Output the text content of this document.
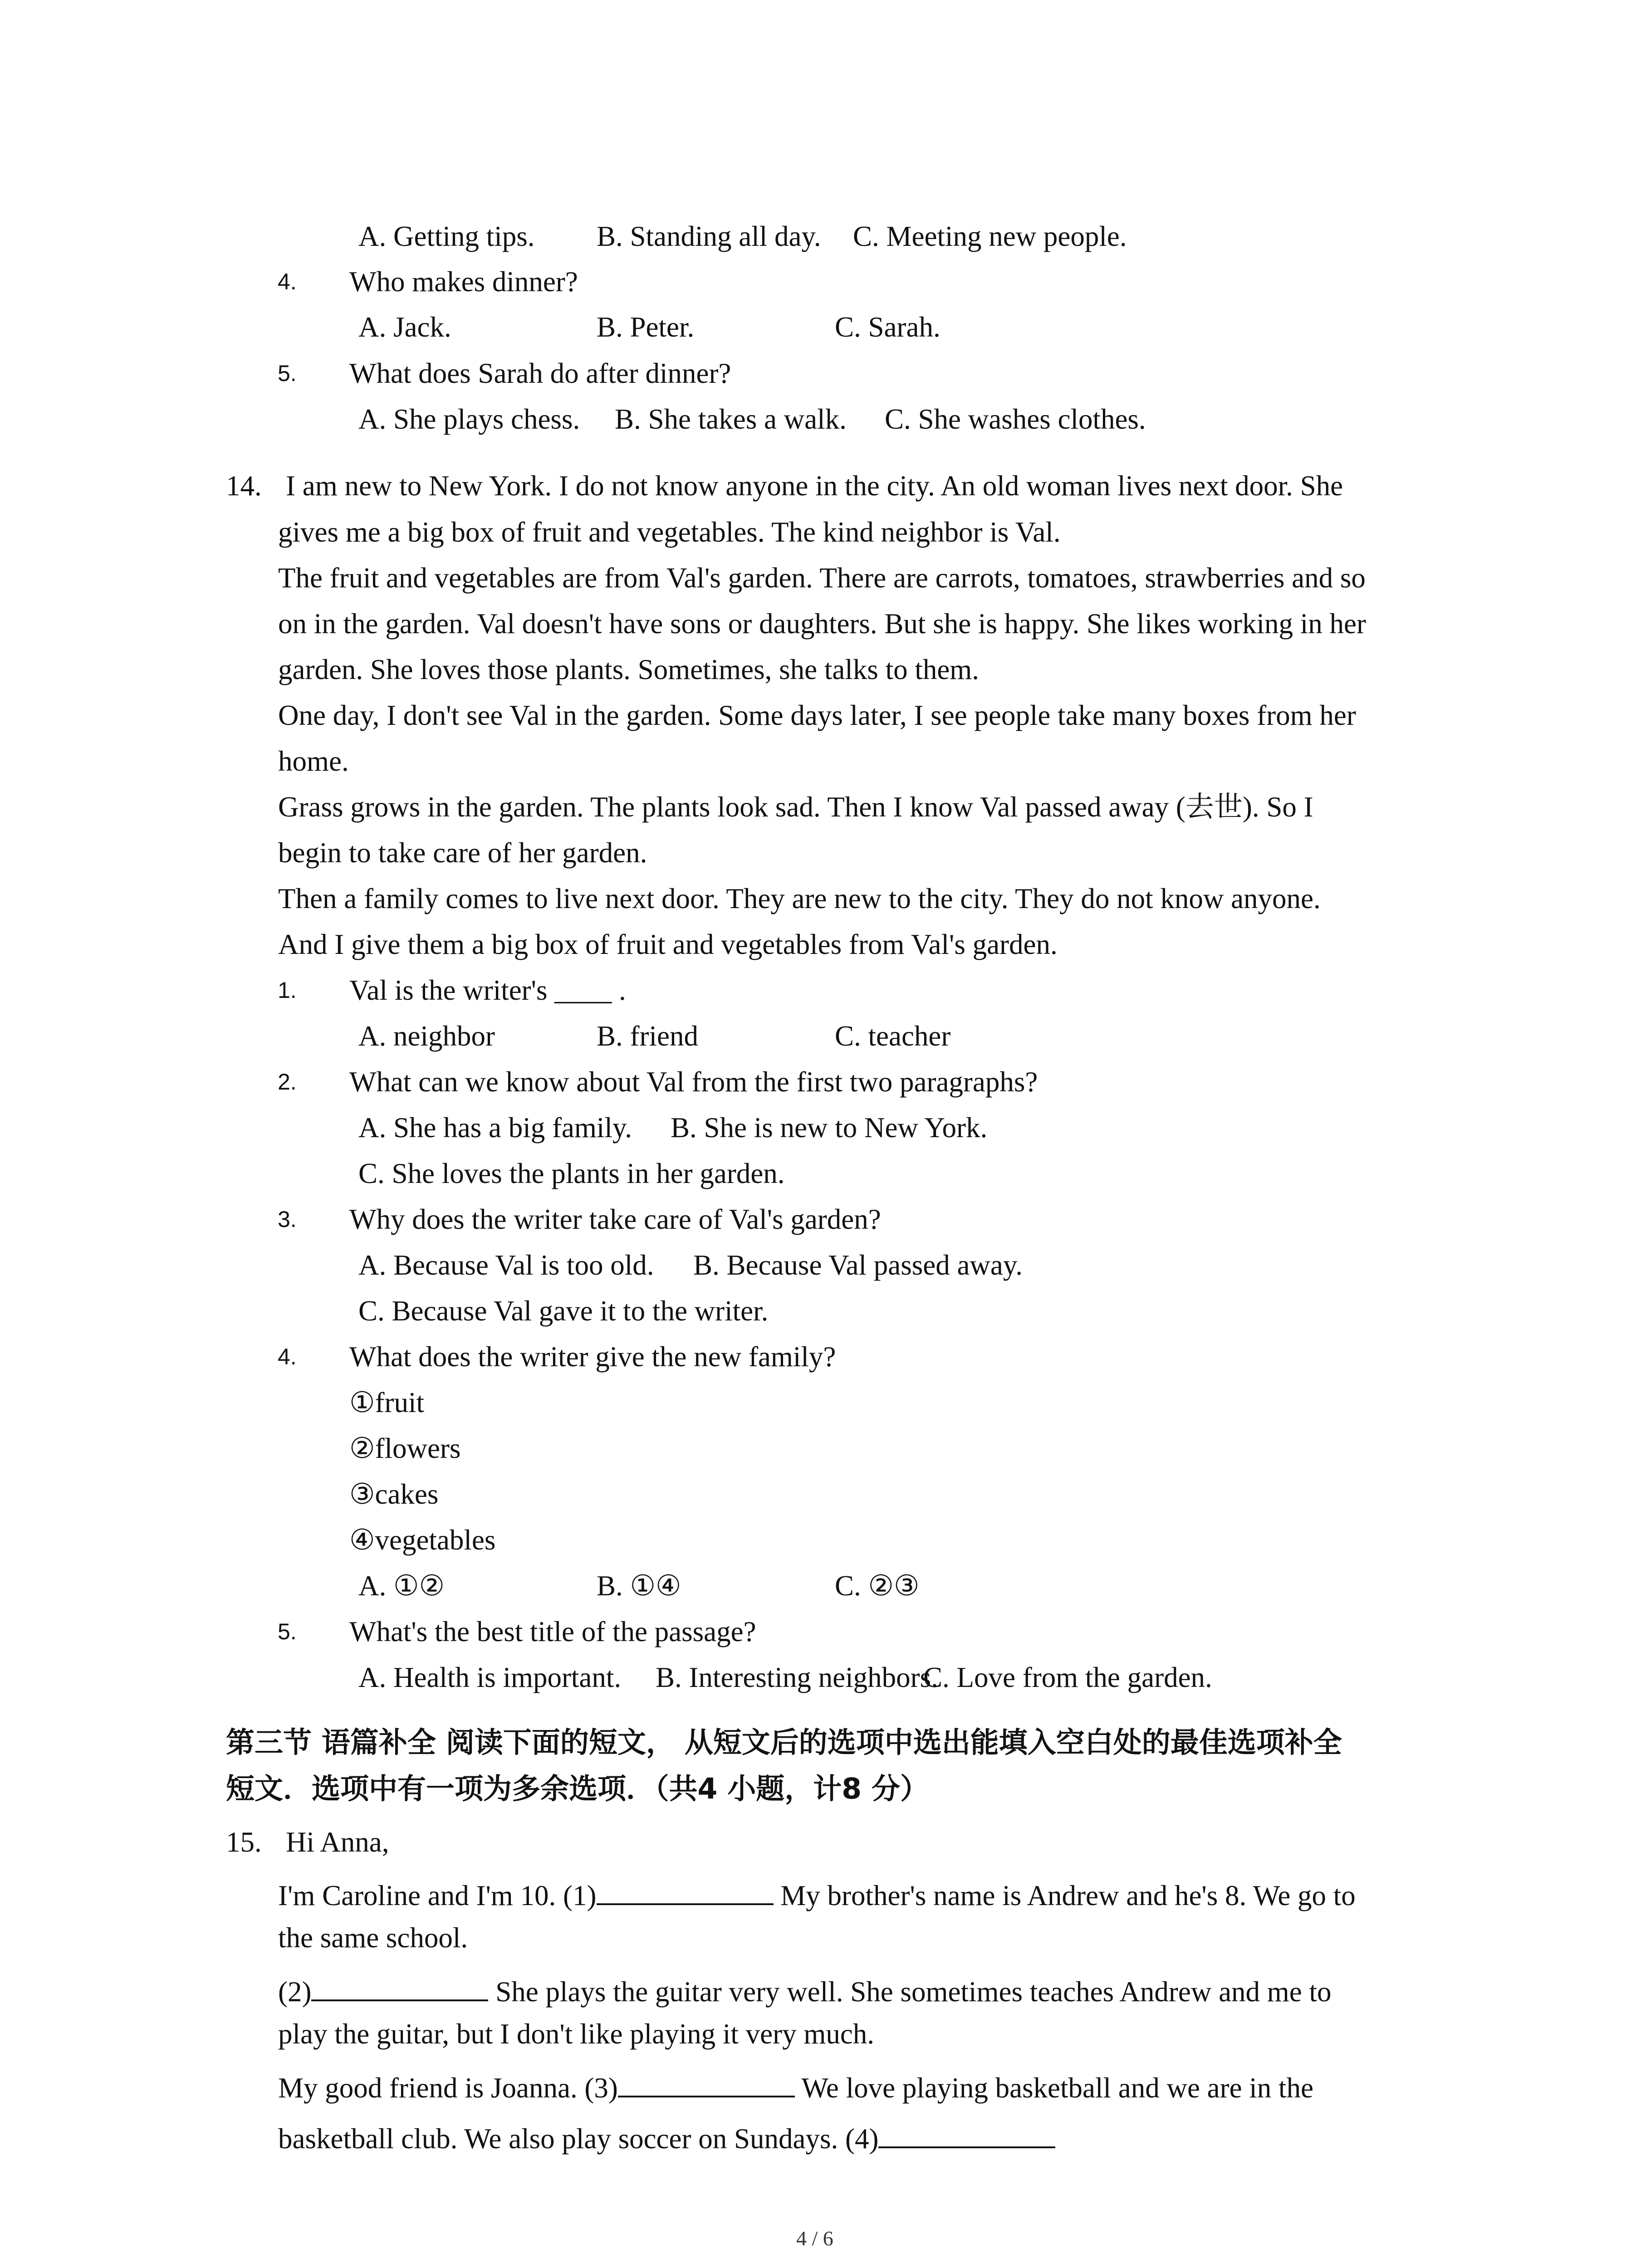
A. Getting tips. B. Standing all day. C. Meeting new people.
4. Who makes dinner?
A. Jack.	B. Peter.	C. Sarah.
5. What does Sarah do after dinner?
A. She plays chess. B. She takes a walk. C. She washes clothes.
14. I am new to New York. I do not know anyone in the city. An old woman lives next door. She
gives me a big box of fruit and vegetables. The kind neighbor is Val.
The fruit and vegetables are from Val's garden. There are carrots, tomatoes, strawberries and so
on in the garden. Val doesn't have sons or daughters. But she is happy. She likes working in her
garden. She loves those plants. Sometimes, she talks to them.
One day, I don't see Val in the garden. Some days later, I see people take many boxes from her
home.
Grass grows in the garden. The plants look sad. Then I know Val passed away (去世). So I
begin to take care of her garden.
Then a family comes to live next door. They are new to the city. They do not know anyone.
And I give them a big box of fruit and vegetables from Val's garden.
1. Val is the writer's ____ .
A. neighbor	B. friend	C. teacher
2. What can we know about Val from the first two paragraphs?
A. She has a big family. B. She is new to New York.
C. She loves the plants in her garden.
3. Why does the writer take care of Val's garden?
A. Because Val is too old. B. Because Val passed away.
C. Because Val gave it to the writer.
4. What does the writer give the new family?
①fruit
②flowers
③cakes
④vegetables
A. ①②	B. ①④	C. ②③
5. What's the best title of the passage?
A. Health is important. B. Interesting neighbors.
C. Love from the garden.
第三节 语篇补全 阅读下面的短文， 从短文后的选项中选出能填入空白处的最佳选项补全
短文．选项中有一项为多余选项．（共4 小题，计8 分）
15. Hi Anna,
I'm Caroline and I'm 10. (1)	My brother's name is Andrew and he's 8. We go to
the same school.
(2)	She plays the guitar very well. She sometimes teaches Andrew and me to
play the guitar, but I don't like playing it very much.
My good friend is Joanna. (3)	We love playing basketball and we are in the
basketball club. We also play soccer on Sundays. (4)
4 / 6
